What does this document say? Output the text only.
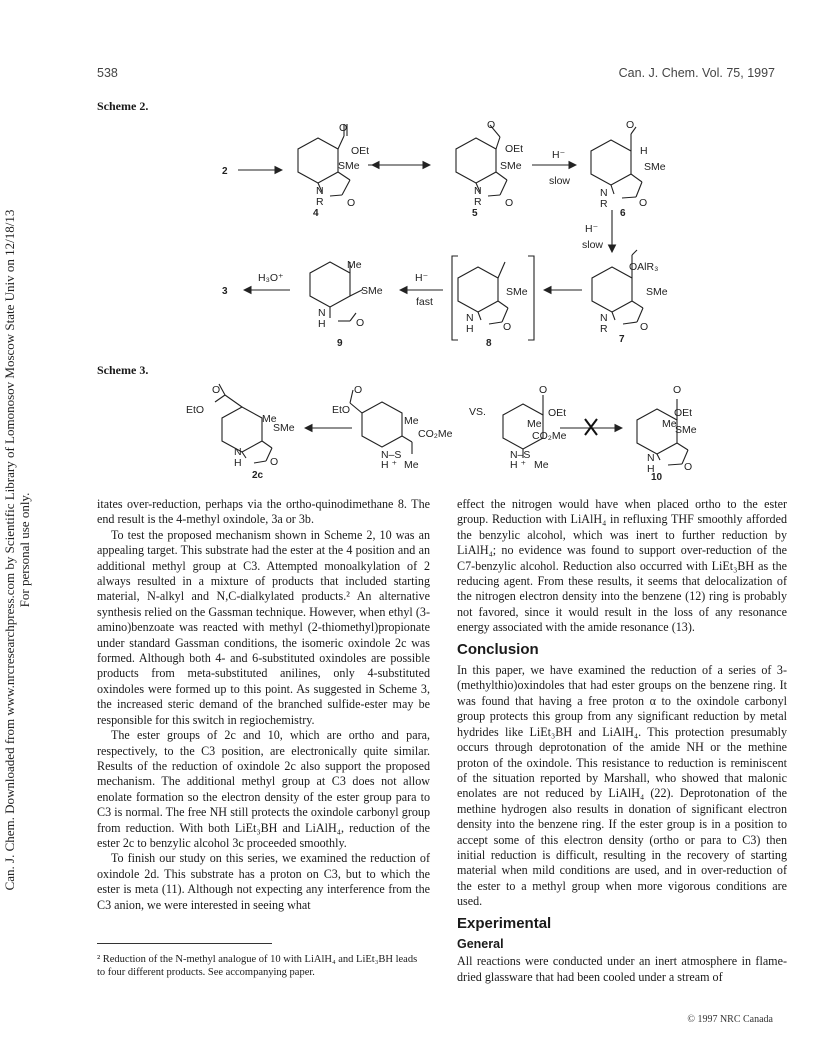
Can. J. Chem. Downloaded from www.nrcresearchpress.com by Scientific Library of Lomonosov Moscow State Univ on 12/18/13 For personal use only.
538	Can. J. Chem. Vol. 75, 1997
Scheme 2.
Scheme 3.
2
O
OEt
SMe
N
R O
4
O
OEt
SMe
N
R O
5
H⁻
slow
O
H
SMe
N
R	O
6
H⁻
slow
OAlR₃
SMe
N
R	O
7
SMe
N
H	O
8
H⁻
fast
Me
SMe
N
H	O
9
H₃O⁺
3
O
EtO
Me
SMe
N
H	O
2c
O
EtO
Me
CO₂Me
N–S
H ⁺ Me
VS.
O
OEt
Me
CO₂Me
N–S
H ⁺ Me
O
OEt
Me
SMe
N
H	O
10

itates over-reduction, perhaps via the ortho-quinodimethane 8. The end result is the 4-methyl oxindole, 3a or 3b.

To test the proposed mechanism shown in Scheme 2, 10 was an appealing target. This substrate had the ester at the 4 position and an additional methyl group at C3. Attempted monoalkylation of 2 always resulted in a mixture of products that included starting material, N-alkyl and N,C-dialkylated products.² An alternative synthesis relied on the Gassman technique. However, when ethyl (3-amino)benzoate was reacted with methyl (2-thiomethyl)propionate under standard Gassman conditions, the isomeric oxindole 2c was formed. Although both 4- and 6-substituted oxindoles are possible products from meta-substituted anilines, only 4-substituted oxindoles were formed up to this point. As suggested in Scheme 3, the increased steric demand of the branched sulfide-ester may be responsible for this switch in regiochemistry.

The ester groups of 2c and 10, which are ortho and para, respectively, to the C3 position, are electronically quite similar. Results of the reduction of oxindole 2c also support the proposed mechanism. The additional methyl group at C3 does not allow enolate formation so the electron density of the ester group para to C3 is normal. The free NH still protects the oxindole carbonyl group from reduction. With both LiEt₃BH and LiAlH₄, reduction of the ester 2c to benzylic alcohol 3c proceeded smoothly.

To finish our study on this series, we examined the reduction of oxindole 2d. This substrate has a proton on C3, but to which the ester is meta (11). Although not expecting any interference from the C3 anion, we were interested in seeing what

² Reduction of the N-methyl analogue of 10 with LiAlH₄ and LiEt₃BH leads to four different products. See accompanying paper.

effect the nitrogen would have when placed ortho to the ester group. Reduction with LiAlH₄ in refluxing THF smoothly afforded the benzylic alcohol, which was inert to further reduction by LiAlH₄; no evidence was found to support over-reduction of the C7-benzylic alcohol. Reduction also occurred with LiEt₃BH as the reducing agent. From these results, it seems that delocalization of the nitrogen electron density into the benzene (12) ring is probably not favored, since it would result in the loss of any resonance energy associated with the amide resonance (13).

Conclusion

In this paper, we have examined the reduction of a series of 3-(methylthio)oxindoles that had ester groups on the benzene ring. It was found that having a free proton α to the oxindole carbonyl group protects this group from any significant reduction by metal hydrides like LiEt₃BH and LiAlH₄. This protection presumably occurs through deprotonation of the amide NH or the methine proton of the oxindole. This resistance to reduction is reminiscent of the situation reported by Marshall, who showed that malonic enolates are not reduced by LiAlH₄ (22). Deprotonation of the methine hydrogen also results in donation of significant electron density into the benzene ring. If the ester group is in a position to accept some of this electron density (ortho or para to C3) then initial reduction is difficult, resulting in the recovery of starting material when mild conditions are used, and in over-reduction of the ester to a methyl group when more vigorous conditions are used.

Experimental
General

All reactions were conducted under an inert atmosphere in flame-dried glassware that had been cooled under a stream of

© 1997 NRC Canada
